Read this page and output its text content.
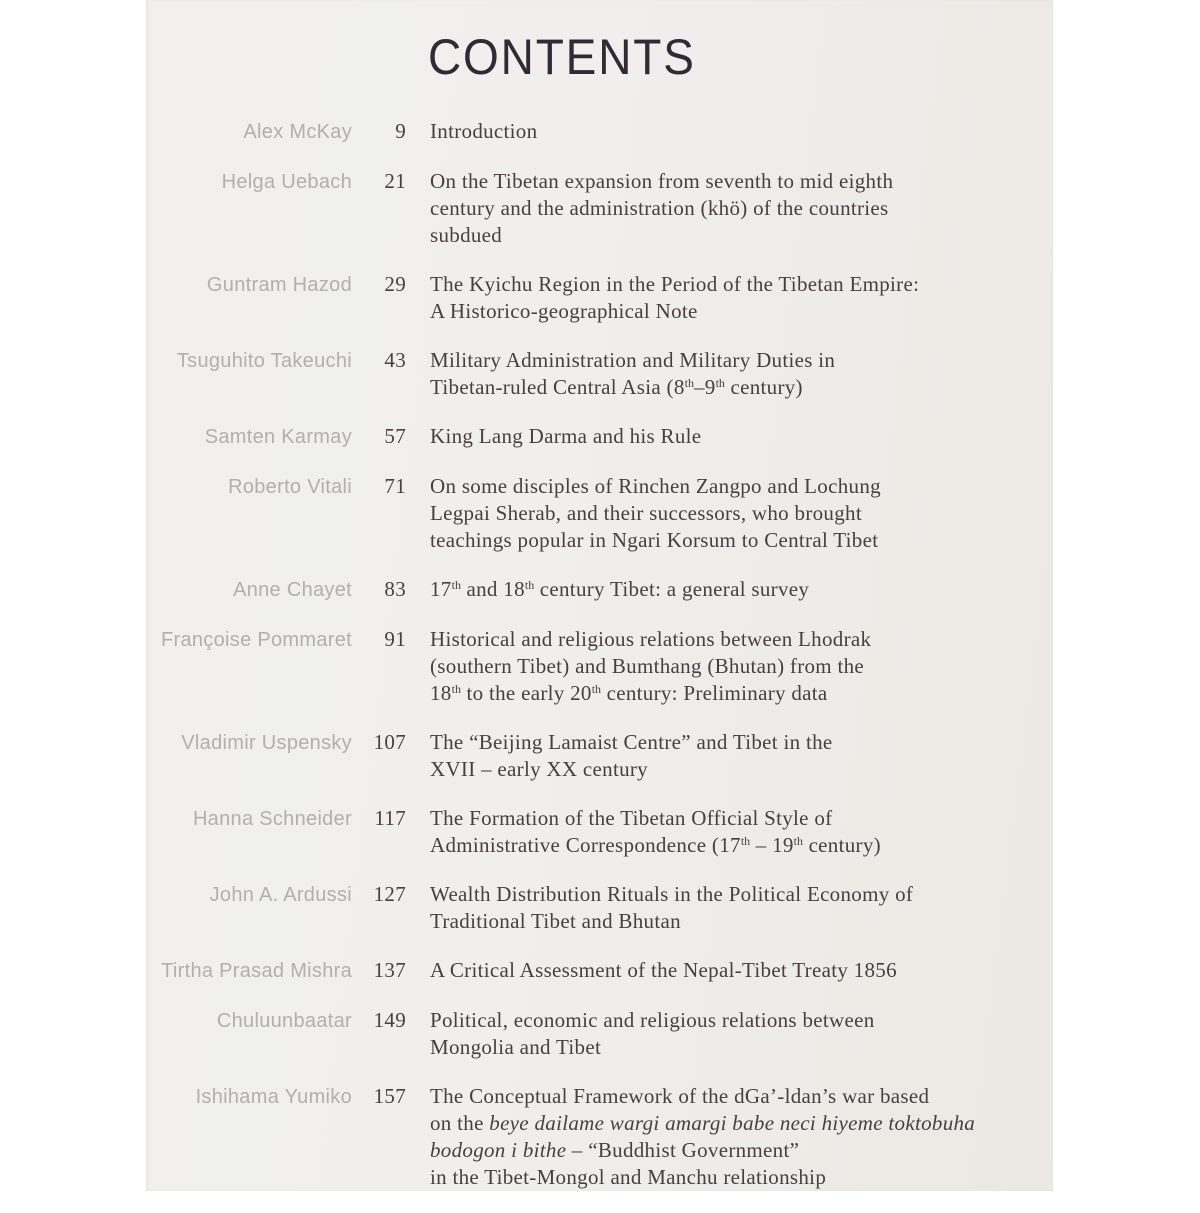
CONTENTS
Alex McKay	9 Introduction
Helga Uebach	21 On the Tibetan expansion from seventh to mid eighth
century and the administration (khö) of the countries
subdued
Guntram Hazod	29 The Kyichu Region in the Period of the Tibetan Empire:
A Historico-geographical Note
Tsuguhito Takeuchi	43 Military Administration and Military Duties in
Tibetan-ruled Central Asia (8th–9th century)
Samten Karmay	57 King Lang Darma and his Rule
Roberto Vitali	71 On some disciples of Rinchen Zangpo and Lochung
Legpai Sherab, and their successors, who brought
teachings popular in Ngari Korsum to Central Tibet
Anne Chayet	83 17th and 18th century Tibet: a general survey
Françoise Pommaret	91 Historical and religious relations between Lhodrak
(southern Tibet) and Bumthang (Bhutan) from the
18th to the early 20th century: Preliminary data
Vladimir Uspensky	107 The “Beijing Lamaist Centre” and Tibet in the
XVII – early XX century
Hanna Schneider	117 The Formation of the Tibetan Official Style of
Administrative Correspondence (17th – 19th century)
John A. Ardussi	127 Wealth Distribution Rituals in the Political Economy of
Traditional Tibet and Bhutan
Tirtha Prasad Mishra	137 A Critical Assessment of the Nepal-Tibet Treaty 1856
Chuluunbaatar	149 Political, economic and religious relations between
Mongolia and Tibet
Ishihama Yumiko	157 The Conceptual Framework of the dGa’-ldan’s war based
on the beye dailame wargi amargi babe neci hiyeme toktobuha
bodogon i bithe – “Buddhist Government”
in the Tibet-Mongol and Manchu relationship
